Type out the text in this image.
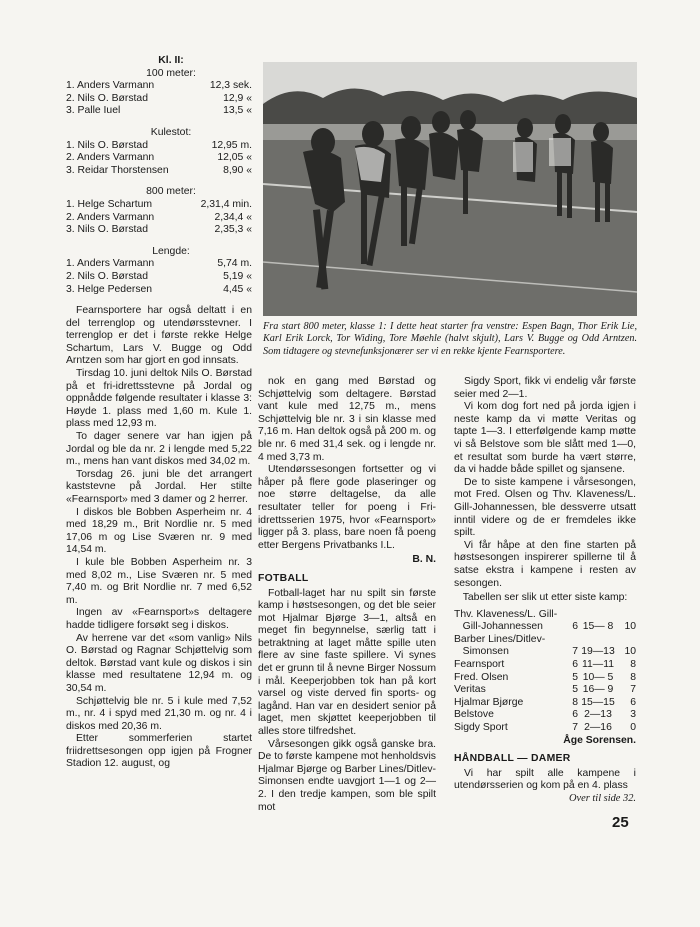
Kl. II:
100 meter:
1. Anders Varmann	12,3 sek.
2. Nils O. Børstad	12,9 «
3. Palle Iuel	13,5 «
Kulestot:
1. Nils O. Børstad	12,95 m.
2. Anders Varmann	12,05 «
3. Reidar Thorstensen	8,90 «
800 meter:
1. Helge Schartum	2,31,4 min.
2. Anders Varmann	2,34,4 «
3. Nils O. Børstad	2,35,3 «
Lengde:
1. Anders Varmann	5,74 m.
2. Nils O. Børstad	5,19 «
3. Helge Pedersen	4,45 «

Fearnsportere har også deltatt i en del terrenglop og utendørsstevner. I terrenglop er det i første rekke Helge Schartum, Lars V. Bugge og Odd Arntzen som har gjort en god innsats.

Tirsdag 10. juni deltok Nils O. Børstad på et fri-idrettsstevne på Jordal og oppnådde følgende resultater i klasse 3: Høyde 1. plass med 1,60 m. Kule 1. plass med 12,93 m.

To dager senere var han igjen på Jordal og ble da nr. 2 i lengde med 5,22 m., mens han vant diskos med 34,02 m.

Torsdag 26. juni ble det arrangert kaststevne på Jordal. Her stilte «Fearnsport» med 3 damer og 2 herrer.

I diskos ble Bobben Asperheim nr. 4 med 18,29 m., Brit Nordlie nr. 5 med 17,06 m og Lise Sværen nr. 9 med 14,54 m.

I kule ble Bobben Asperheim nr. 3 med 8,02 m., Lise Sværen nr. 5 med 7,40 m. og Brit Nordlie nr. 7 med 6,52 m.

Ingen av «Fearnsport»s deltagere hadde tidligere forsøkt seg i diskos.

Av herrene var det «som vanlig» Nils O. Børstad og Ragnar Schjøttelvig som deltok. Børstad vant kule og diskos i sin klasse med resultatene 12,94 m. og 30,54 m.

Schjøttelvig ble nr. 5 i kule med 7,52 m., nr. 4 i spyd med 21,30 m. og nr. 4 i diskos med 20,36 m.

Etter sommerferien startet friidrettsesongen opp igjen på Frogner Stadion 12. august, og

Fra start 800 meter, klasse 1: I dette heat starter fra venstre: Espen Bagn, Thor Erik Lie, Karl Erik Lorck, Tor Widing, Tore Møehle (halvt skjult), Lars V. Bugge og Odd Arntzen. Som tidtagere og stevnefunksjonærer ser vi en rekke kjente Fearnsportere.

nok en gang med Børstad og Schjøttelvig som deltagere. Børstad vant kule med 12,75 m., mens Schjøttelvig ble nr. 3 i sin klasse med 7,16 m. Han deltok også på 200 m. og ble nr. 6 med 31,4 sek. og i lengde nr. 4 med 3,73 m.

Utendørssesongen fortsetter og vi håper på flere gode plaseringer og noe større deltagelse, da alle resultater teller for poeng i Fri-idrettsserien 1975, hvor «Fearnsport» ligger på 3. plass, bare noen få poeng etter Bergens Privatbanks I.L.

B. N.
FOTBALL

Fotball-laget har nu spilt sin første kamp i høstsesongen, og det ble seier mot Hjalmar Bjørge 3—1, altså en meget fin begynnelse, særlig tatt i betraktning at laget måtte spille uten flere av sine faste spillere. Vi synes det er grunn til å nevne Birger Nossum i mål. Keeperjobben tok han på kort varsel og viste derved fin sports- og lagånd. Han var en desidert senior på laget, men skjøttet keeperjobben til alles store tilfredshet.

Vårsesongen gikk også ganske bra. De to første kampene mot henholdsvis Hjalmar Bjørge og Barber Lines/Ditlev-Simonsen endte uavgjort 1—1 og 2—2. I den tredje kampen, som ble spilt mot

Sigdy Sport, fikk vi endelig vår første seier med 2—1.

Vi kom dog fort ned på jorda igjen i neste kamp da vi møtte Veritas og tapte 1—3. I etterfølgende kamp møtte vi så Belstove som ble slått med 1—0, et resultat som burde ha vært større, da vi hadde både spillet og sjansene.

De to siste kampene i vårsesongen, mot Fred. Olsen og Thv. Klaveness/L. Gill-Johannessen, ble dessverre utsatt inntil videre og de er fremdeles ikke spilt.

Vi får håpe at den fine starten på høstsesongen inspirerer spillerne til å satse ekstra i kampene i resten av sesongen.

Tabellen ser slik ut etter siste kamp:

Thv. Klaveness/L. Gill-
Gill-Johannessen	6 15— 8	10
Barber Lines/Ditlev-
Simonsen	7 19—13 10
Fearnsport	6 11—11	8
Fred. Olsen	5 10— 5	8
Veritas	5 16— 9	7
Hjalmar Bjørge	8 15—15	6
Belstove	6 2—13	3
Sigdy Sport	7 2—16	0
Åge Sorensen.
HÅNDBALL — DAMER

Vi har spilt alle kampene i utendørsserien og kom på en 4. plass

Over til side 32.
25
